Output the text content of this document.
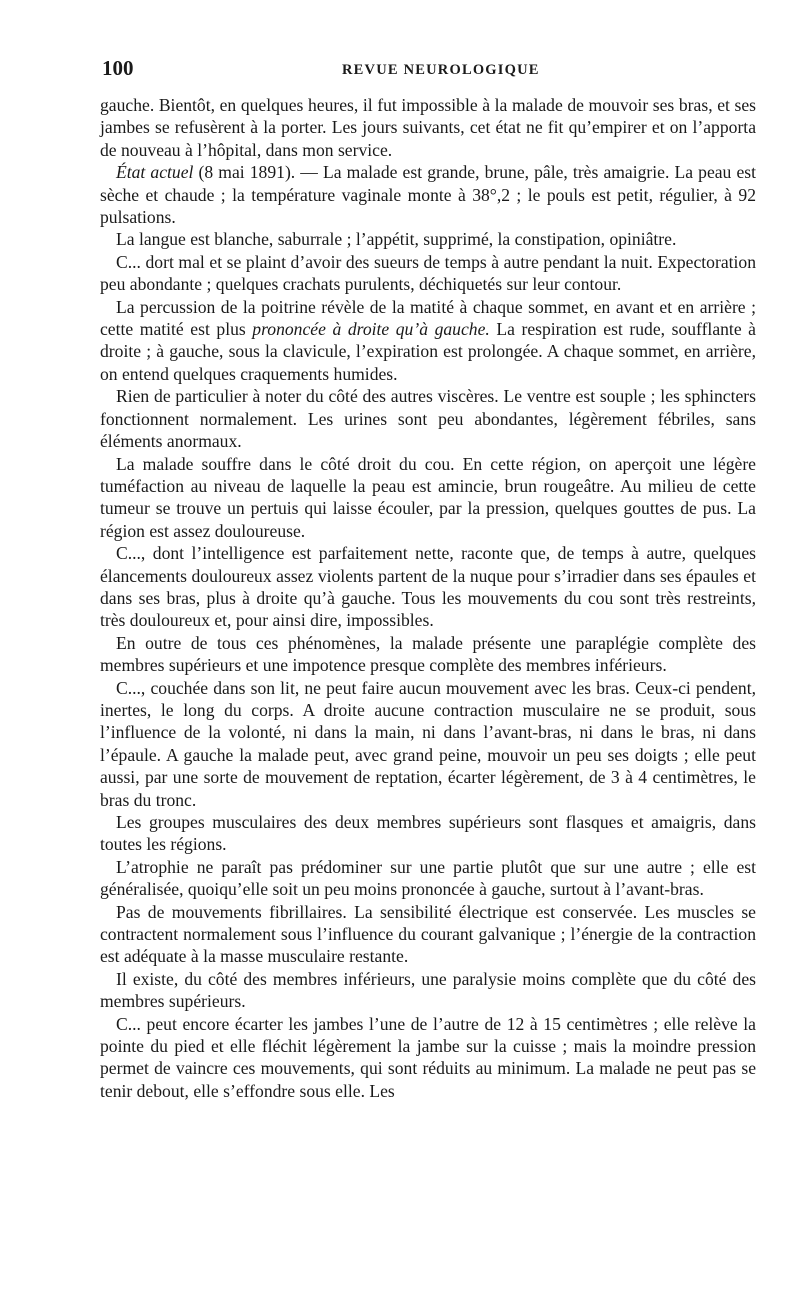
100	REVUE NEUROLOGIQUE

gauche. Bientôt, en quelques heures, il fut impossible à la malade de mouvoir ses bras, et ses jambes se refusèrent à la porter. Les jours suivants, cet état ne fit qu’empirer et on l’apporta de nouveau à l’hôpital, dans mon service.

État actuel (8 mai 1891). — La malade est grande, brune, pâle, très amaigrie. La peau est sèche et chaude ; la température vaginale monte à 38°,2 ; le pouls est petit, régulier, à 92 pulsations.

La langue est blanche, saburrale ; l’appétit, supprimé, la constipation, opiniâtre.

C... dort mal et se plaint d’avoir des sueurs de temps à autre pendant la nuit. Expectoration peu abondante ; quelques crachats purulents, déchiquetés sur leur contour.

La percussion de la poitrine révèle de la matité à chaque sommet, en avant et en arrière ; cette matité est plus prononcée à droite qu’à gauche. La respiration est rude, soufflante à droite ; à gauche, sous la clavicule, l’expiration est prolongée. A chaque sommet, en arrière, on entend quelques craquements humides.

Rien de particulier à noter du côté des autres viscères. Le ventre est souple ; les sphincters fonctionnent normalement. Les urines sont peu abondantes, légèrement fébriles, sans éléments anormaux.

La malade souffre dans le côté droit du cou. En cette région, on aperçoit une légère tuméfaction au niveau de laquelle la peau est amincie, brun rougeâtre. Au milieu de cette tumeur se trouve un pertuis qui laisse écouler, par la pression, quelques gouttes de pus. La région est assez douloureuse.

C..., dont l’intelligence est parfaitement nette, raconte que, de temps à autre, quelques élancements douloureux assez violents partent de la nuque pour s’irradier dans ses épaules et dans ses bras, plus à droite qu’à gauche. Tous les mouvements du cou sont très restreints, très douloureux et, pour ainsi dire, impossibles.

En outre de tous ces phénomènes, la malade présente une paraplégie complète des membres supérieurs et une impotence presque complète des membres inférieurs.

C..., couchée dans son lit, ne peut faire aucun mouvement avec les bras. Ceux-ci pendent, inertes, le long du corps. A droite aucune contraction musculaire ne se produit, sous l’influence de la volonté, ni dans la main, ni dans l’avant-bras, ni dans le bras, ni dans l’épaule. A gauche la malade peut, avec grand peine, mouvoir un peu ses doigts ; elle peut aussi, par une sorte de mouvement de reptation, écarter légèrement, de 3 à 4 centimètres, le bras du tronc.

Les groupes musculaires des deux membres supérieurs sont flasques et amaigris, dans toutes les régions.

L’atrophie ne paraît pas prédominer sur une partie plutôt que sur une autre ; elle est généralisée, quoiqu’elle soit un peu moins prononcée à gauche, surtout à l’avant-bras.

Pas de mouvements fibrillaires. La sensibilité électrique est conservée. Les muscles se contractent normalement sous l’influence du courant galvanique ; l’énergie de la contraction est adéquate à la masse musculaire restante.

Il existe, du côté des membres inférieurs, une paralysie moins complète que du côté des membres supérieurs.

C... peut encore écarter les jambes l’une de l’autre de 12 à 15 centimètres ; elle relève la pointe du pied et elle fléchit légèrement la jambe sur la cuisse ; mais la moindre pression permet de vaincre ces mouvements, qui sont réduits au minimum. La malade ne peut pas se tenir debout, elle s’effondre sous elle. Les
